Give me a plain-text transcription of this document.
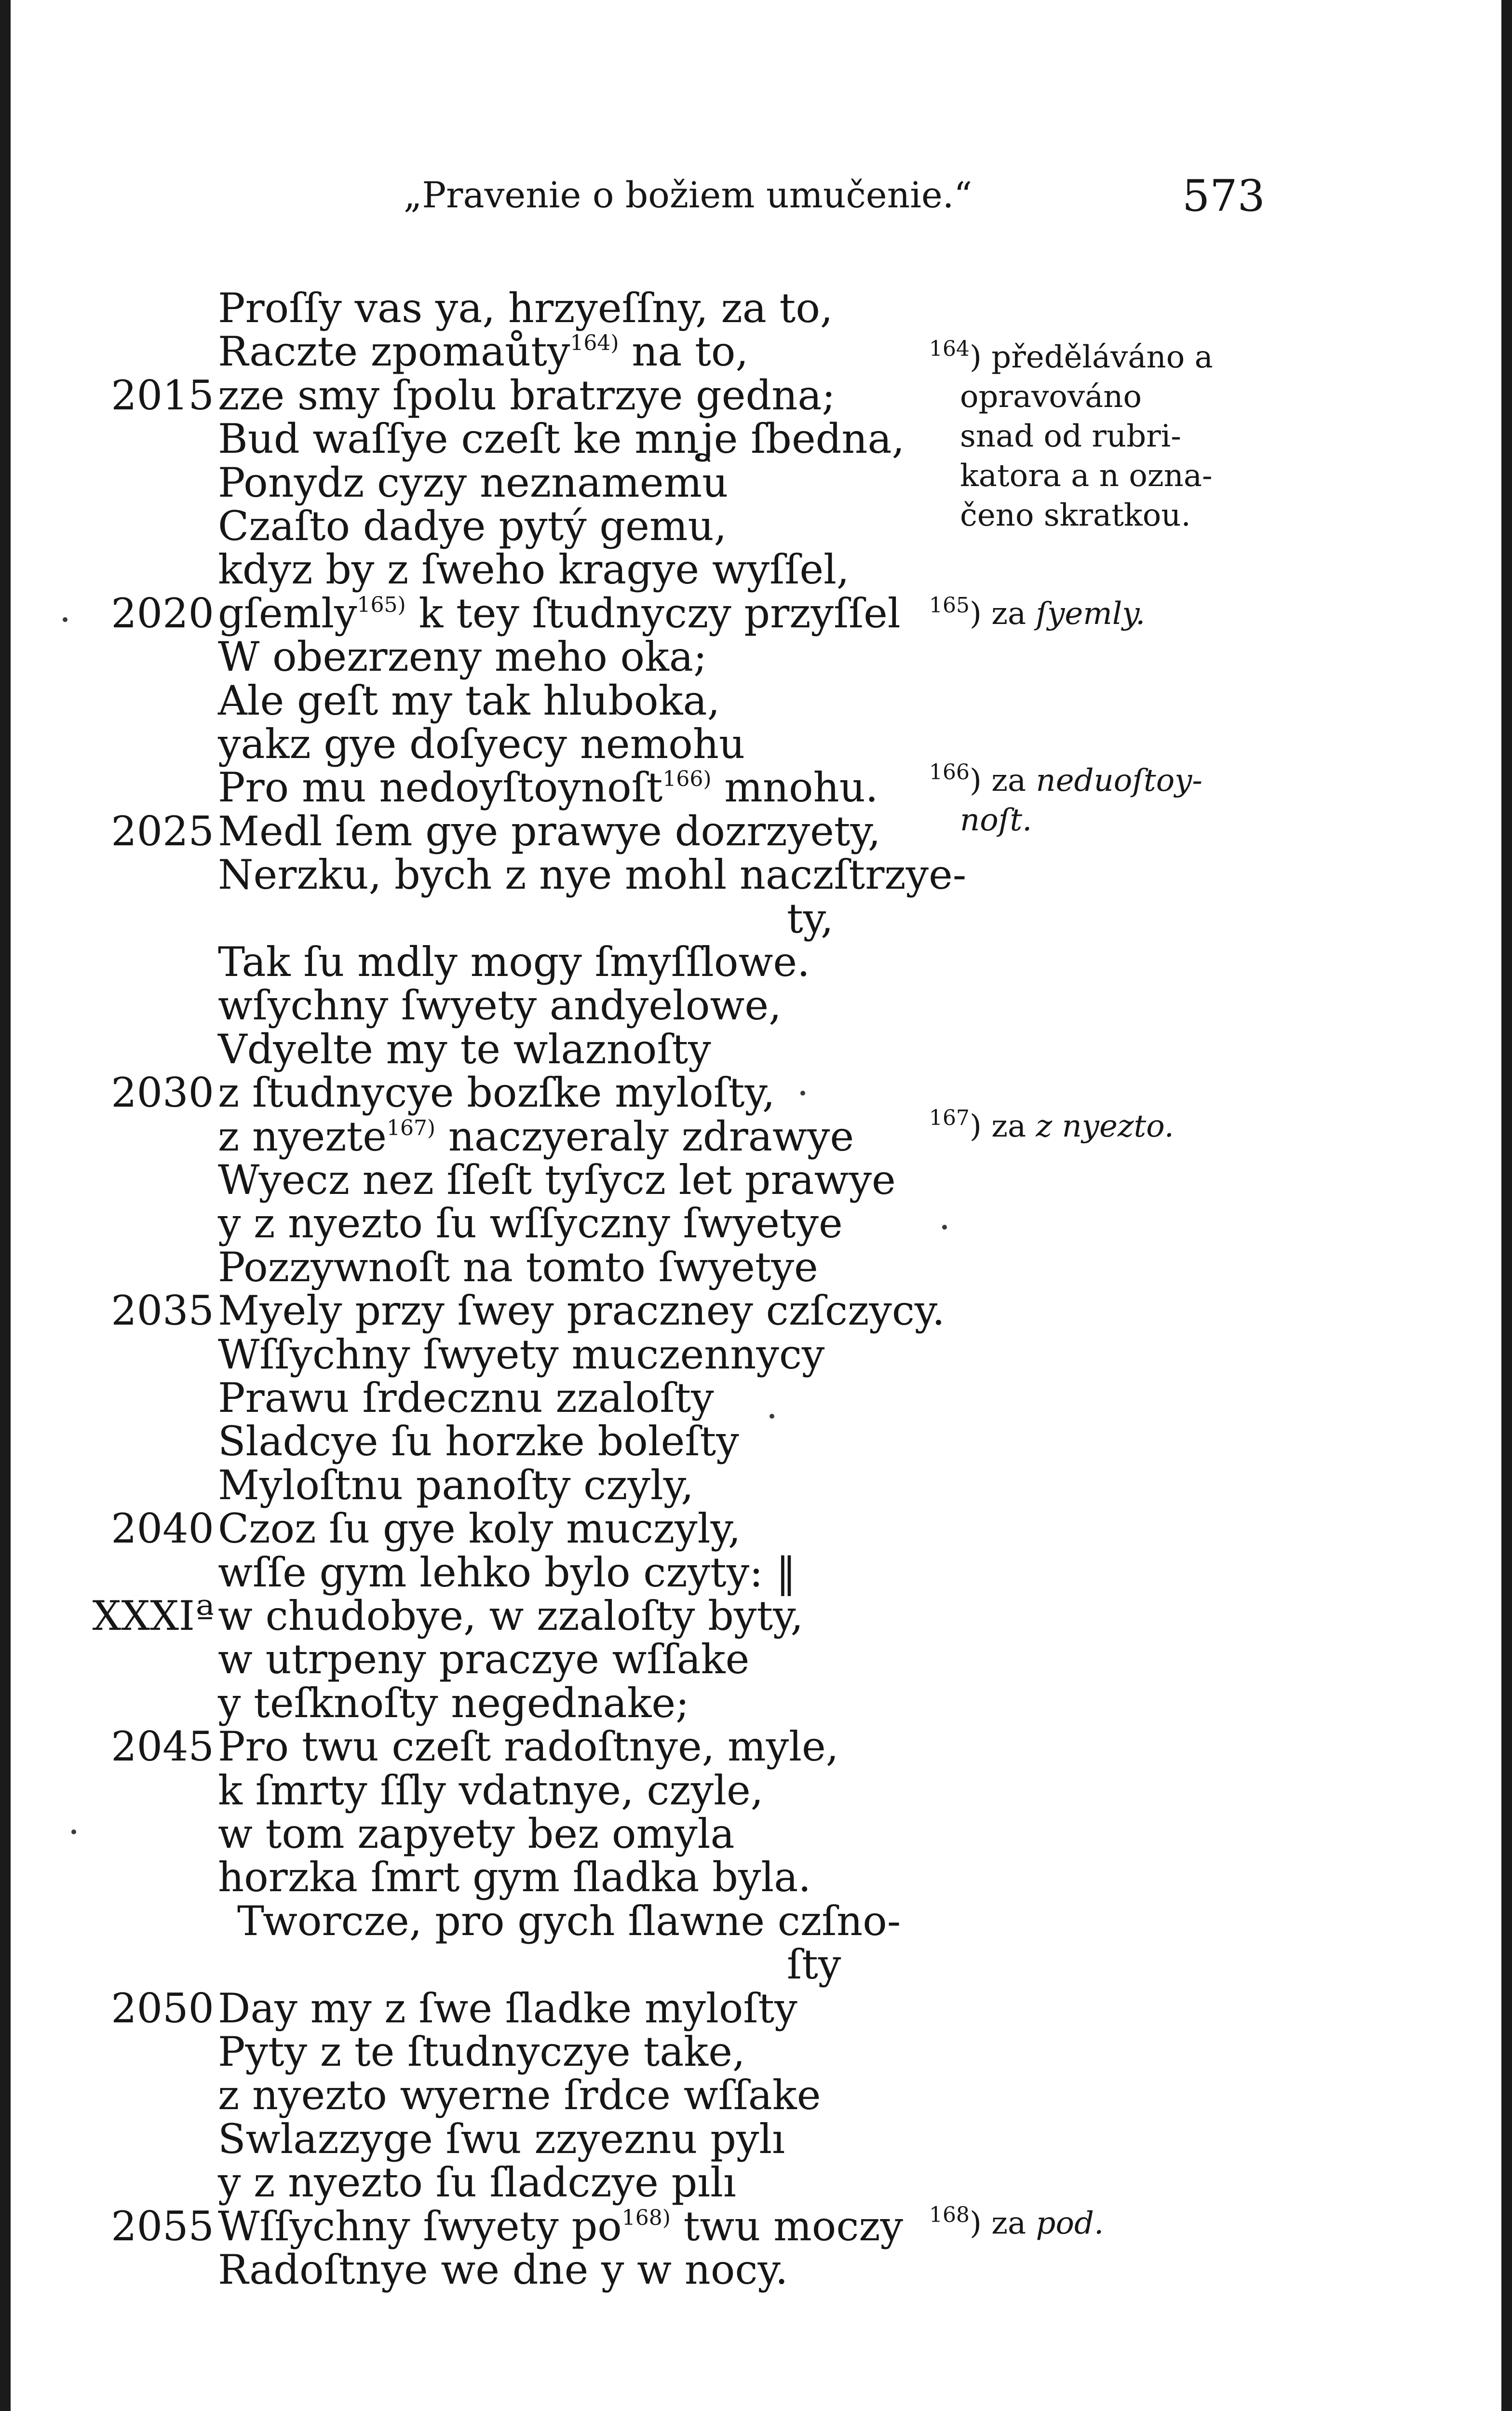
„Pravenie o božiem umučenie.“	573
Proſſy vas ya, hrzyeſſny, za to,
Raczte zpomaůty$^{164)}$ na to,
2015 zze smy ſpolu bratrzye gedna;
Bud waſſye czeſt ke mnʝe ſbedna,
Ponydz cyzy neznamemu
Czaſto dadye pytý gemu,
kdyz by z ſweho kragye wyſſel,
2020 gſemly$^{165)}$ k tey ſtudnyczy przyſſel
W obezrzeny meho oka;
Ale geſt my tak hluboka,
yakz gye doſyecy nemohu
Pro mu nedoyſtoynoſt$^{166)}$ mnohu.
2025 Medl ſem gye prawye dozrzyety,
Nerzku, bych z nye mohl naczſtrzye-
ty,
Tak ſu mdly mogy ſmyſſlowe.
wſychny ſwyety andyelowe,
Vdyelte my te wlaznoſty
2030 z ſtudnycye bozſke myloſty,
z nyezte$^{167)}$ naczyeraly zdrawye
Wyecz nez ſſeſt tyſycz let prawye
y z nyezto ſu wſſyczny ſwyetye
Pozzywnoſt na tomto ſwyetye
2035 Myely przy ſwey praczney czſczycy.
Wſſychny ſwyety muczennycy
Prawu ſrdecznu zzaloſty
Sladcye ſu horzke boleſty
Myloſtnu panoſty czyly,
2040 Czoz ſu gye koly muczyly,
wſſe gym lehko bylo czyty: ‖
XXXIª w chudobye, w zzaloſty byty,
w utrpeny praczye wſſake
y teſknoſty negednake;
2045 Pro twu czeſt radoſtnye, myle,
k ſmrty ſſly vdatnye, czyle,
w tom zapyety bez omyla
horzka ſmrt gym ſladka byla.
Tworcze, pro gych ſlawne czſno-
ſty
2050 Day my z ſwe ſladke myloſty
Pyty z te ſtudnyczye take,
z nyezto wyerne ſrdce wſſake
Swlazzyge ſwu zzyeznu pylı
y z nyezto ſu ſladczye pılı
2055 Wſſychny ſwyety $po^{168)}$ twu moczy
Radoſtnye we dne y w nocy.
$^{164}$) předěláváno a
opravováno
snad od rubri-
katora a n ozna-
čeno skratkou.
$^{165}$) za ſyemly.
$^{166}$) za neduoſtoy-
noſt.
$^{167}$) za z nyezto.
$^{168}$) za pod.
